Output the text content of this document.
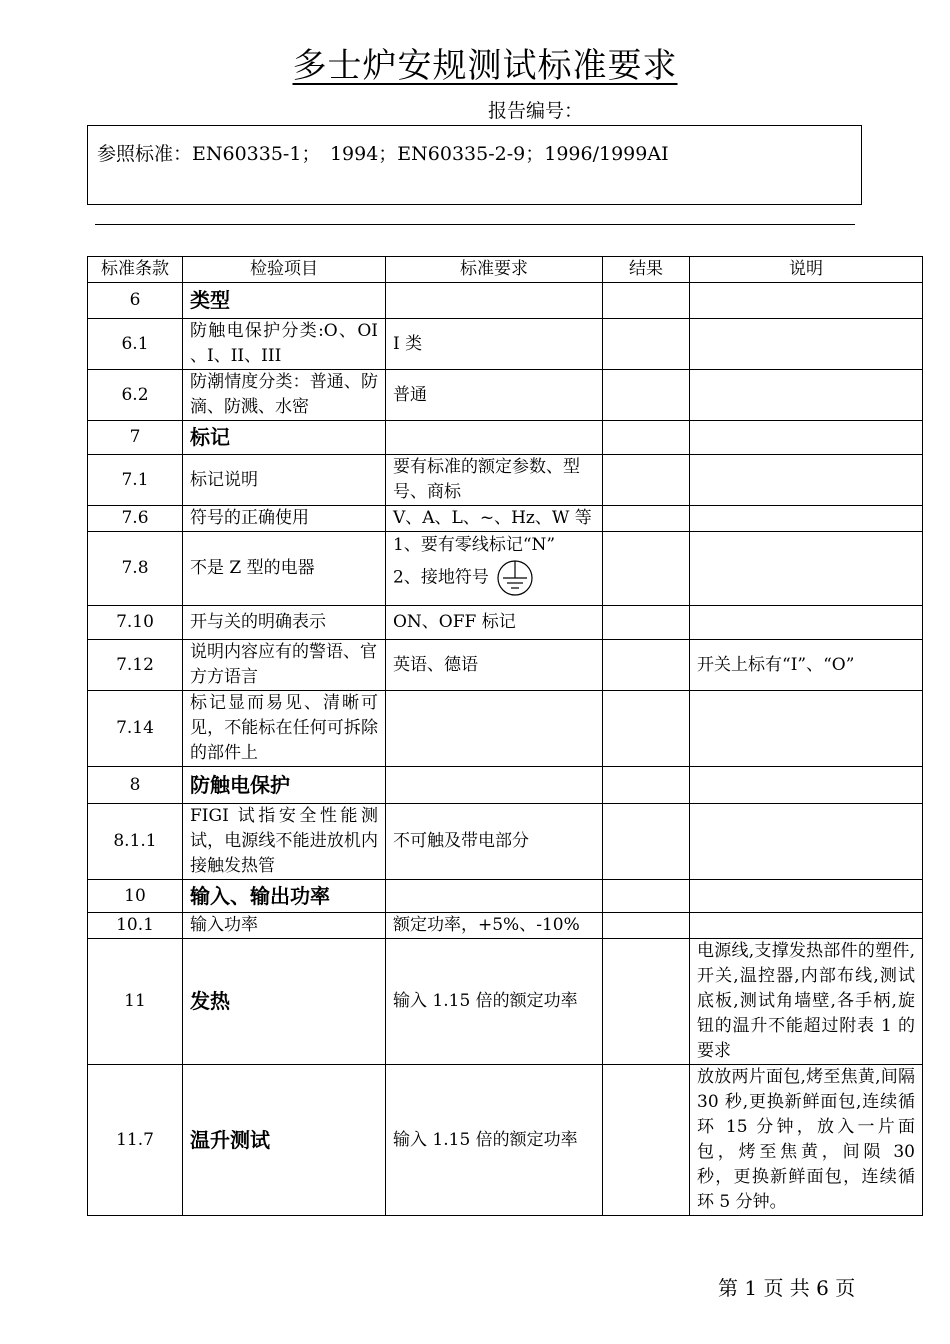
多士炉安规测试标准要求
报告编号：
参照标准：EN60335-1；　1994；EN60335-2-9；1996/1999AI
标准条款	检验项目	标准要求	结果	说明
6	类型			
6.1	防触电保护分类:O、OI 、I、II、III	I 类		
6.2	防潮情度分类：普通、防滴、防溅、水密	普通		
7	标记			
7.1	标记说明	要有标准的额定参数、型号、商标		
7.6	符号的正确使用	V、A、L、~、Hz、W 等		
7.8	不是 Z 型的电器	1、要有零线标记“N”
2、接地符号		

7.10	开与关的明确表示	ON、OFF 标记		
7.12	说明内容应有的警语、官方方语言	英语、德语		开关上标有“I”、“O”
7.14	标记显而易见、清晰可见，不能标在任何可拆除的部件上			
8	防触电保护			
8.1.1	FIGI 试指安全性能测试，电源线不能进放机内接触发热管	不可触及带电部分		
10	输入、输出功率			
10.1	输入功率	额定功率，+5%、-10%		
11	发热	输入 1.15 倍的额定功率		电源线,支撑发热部件的塑件,开关,温控器,内部布线,测试底板,测试角墙壁,各手柄,旋钮的温升不能超过附表 1 的要求
11.7	温升测试	输入 1.15 倍的额定功率		放放两片面包,烤至焦黄,间隔 30 秒,更换新鲜面包,连续循环 15 分钟，放入一片面包，烤至焦黄，间陨 30 秒，更换新鲜面包，连续循环 5 分钟。
第 1 页 共 6 页
